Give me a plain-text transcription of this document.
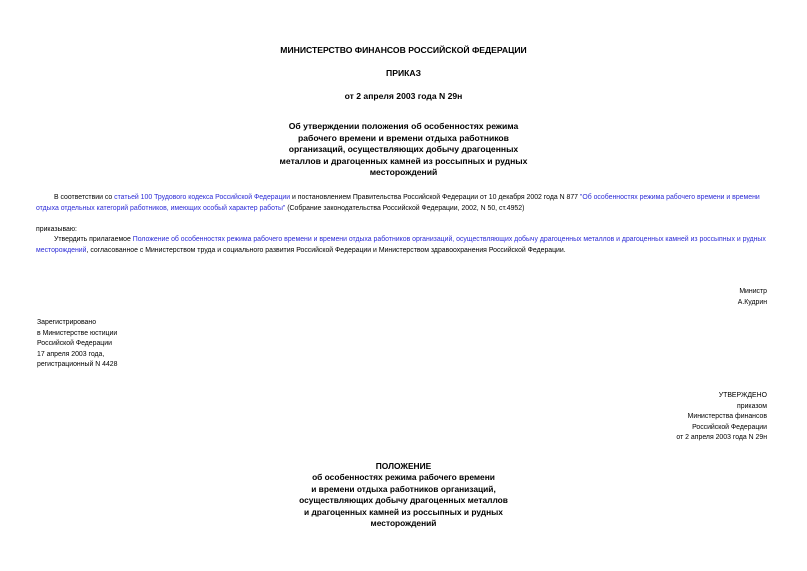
МИНИСТЕРСТВО ФИНАНСОВ РОССИЙСКОЙ ФЕДЕРАЦИИ
ПРИКАЗ
от 2 апреля 2003 года N 29н
Об утверждении положения об особенностях режима
рабочего времени и времени отдыха работников
организаций, осуществляющих добычу драгоценных
металлов и драгоценных камней из россыпных и рудных
месторождений
В соответствии со статьей 100 Трудового кодекса Российской Федерации и постановлением Правительства Российской Федерации от 10 декабря 2002 года N 877 "Об особенностях режима рабочего времени и времени отдыха отдельных категорий работников, имеющих особый характер работы" (Собрание законодательства Российской Федерации, 2002, N 50, ст.4952)
приказываю:
Утвердить прилагаемое Положение об особенностях режима рабочего времени и времени отдыха работников организаций, осуществляющих добычу драгоценных металлов и драгоценных камней из россыпных и рудных месторождений, согласованное с Министерством труда и социального развития Российской Федерации и Министерством здравоохранения Российской Федерации.
Министр
А.Кудрин
Зарегистрировано
в Министерстве юстиции
Российской Федерации
17 апреля 2003 года,
регистрационный N 4428
УТВЕРЖДЕНО
приказом
Министерства финансов
Российской Федерации
от 2 апреля 2003 года N 29н
ПОЛОЖЕНИЕ
об особенностях режима рабочего времени
и времени отдыха работников организаций,
осуществляющих добычу драгоценных металлов
и драгоценных камней из россыпных и рудных
месторождений
